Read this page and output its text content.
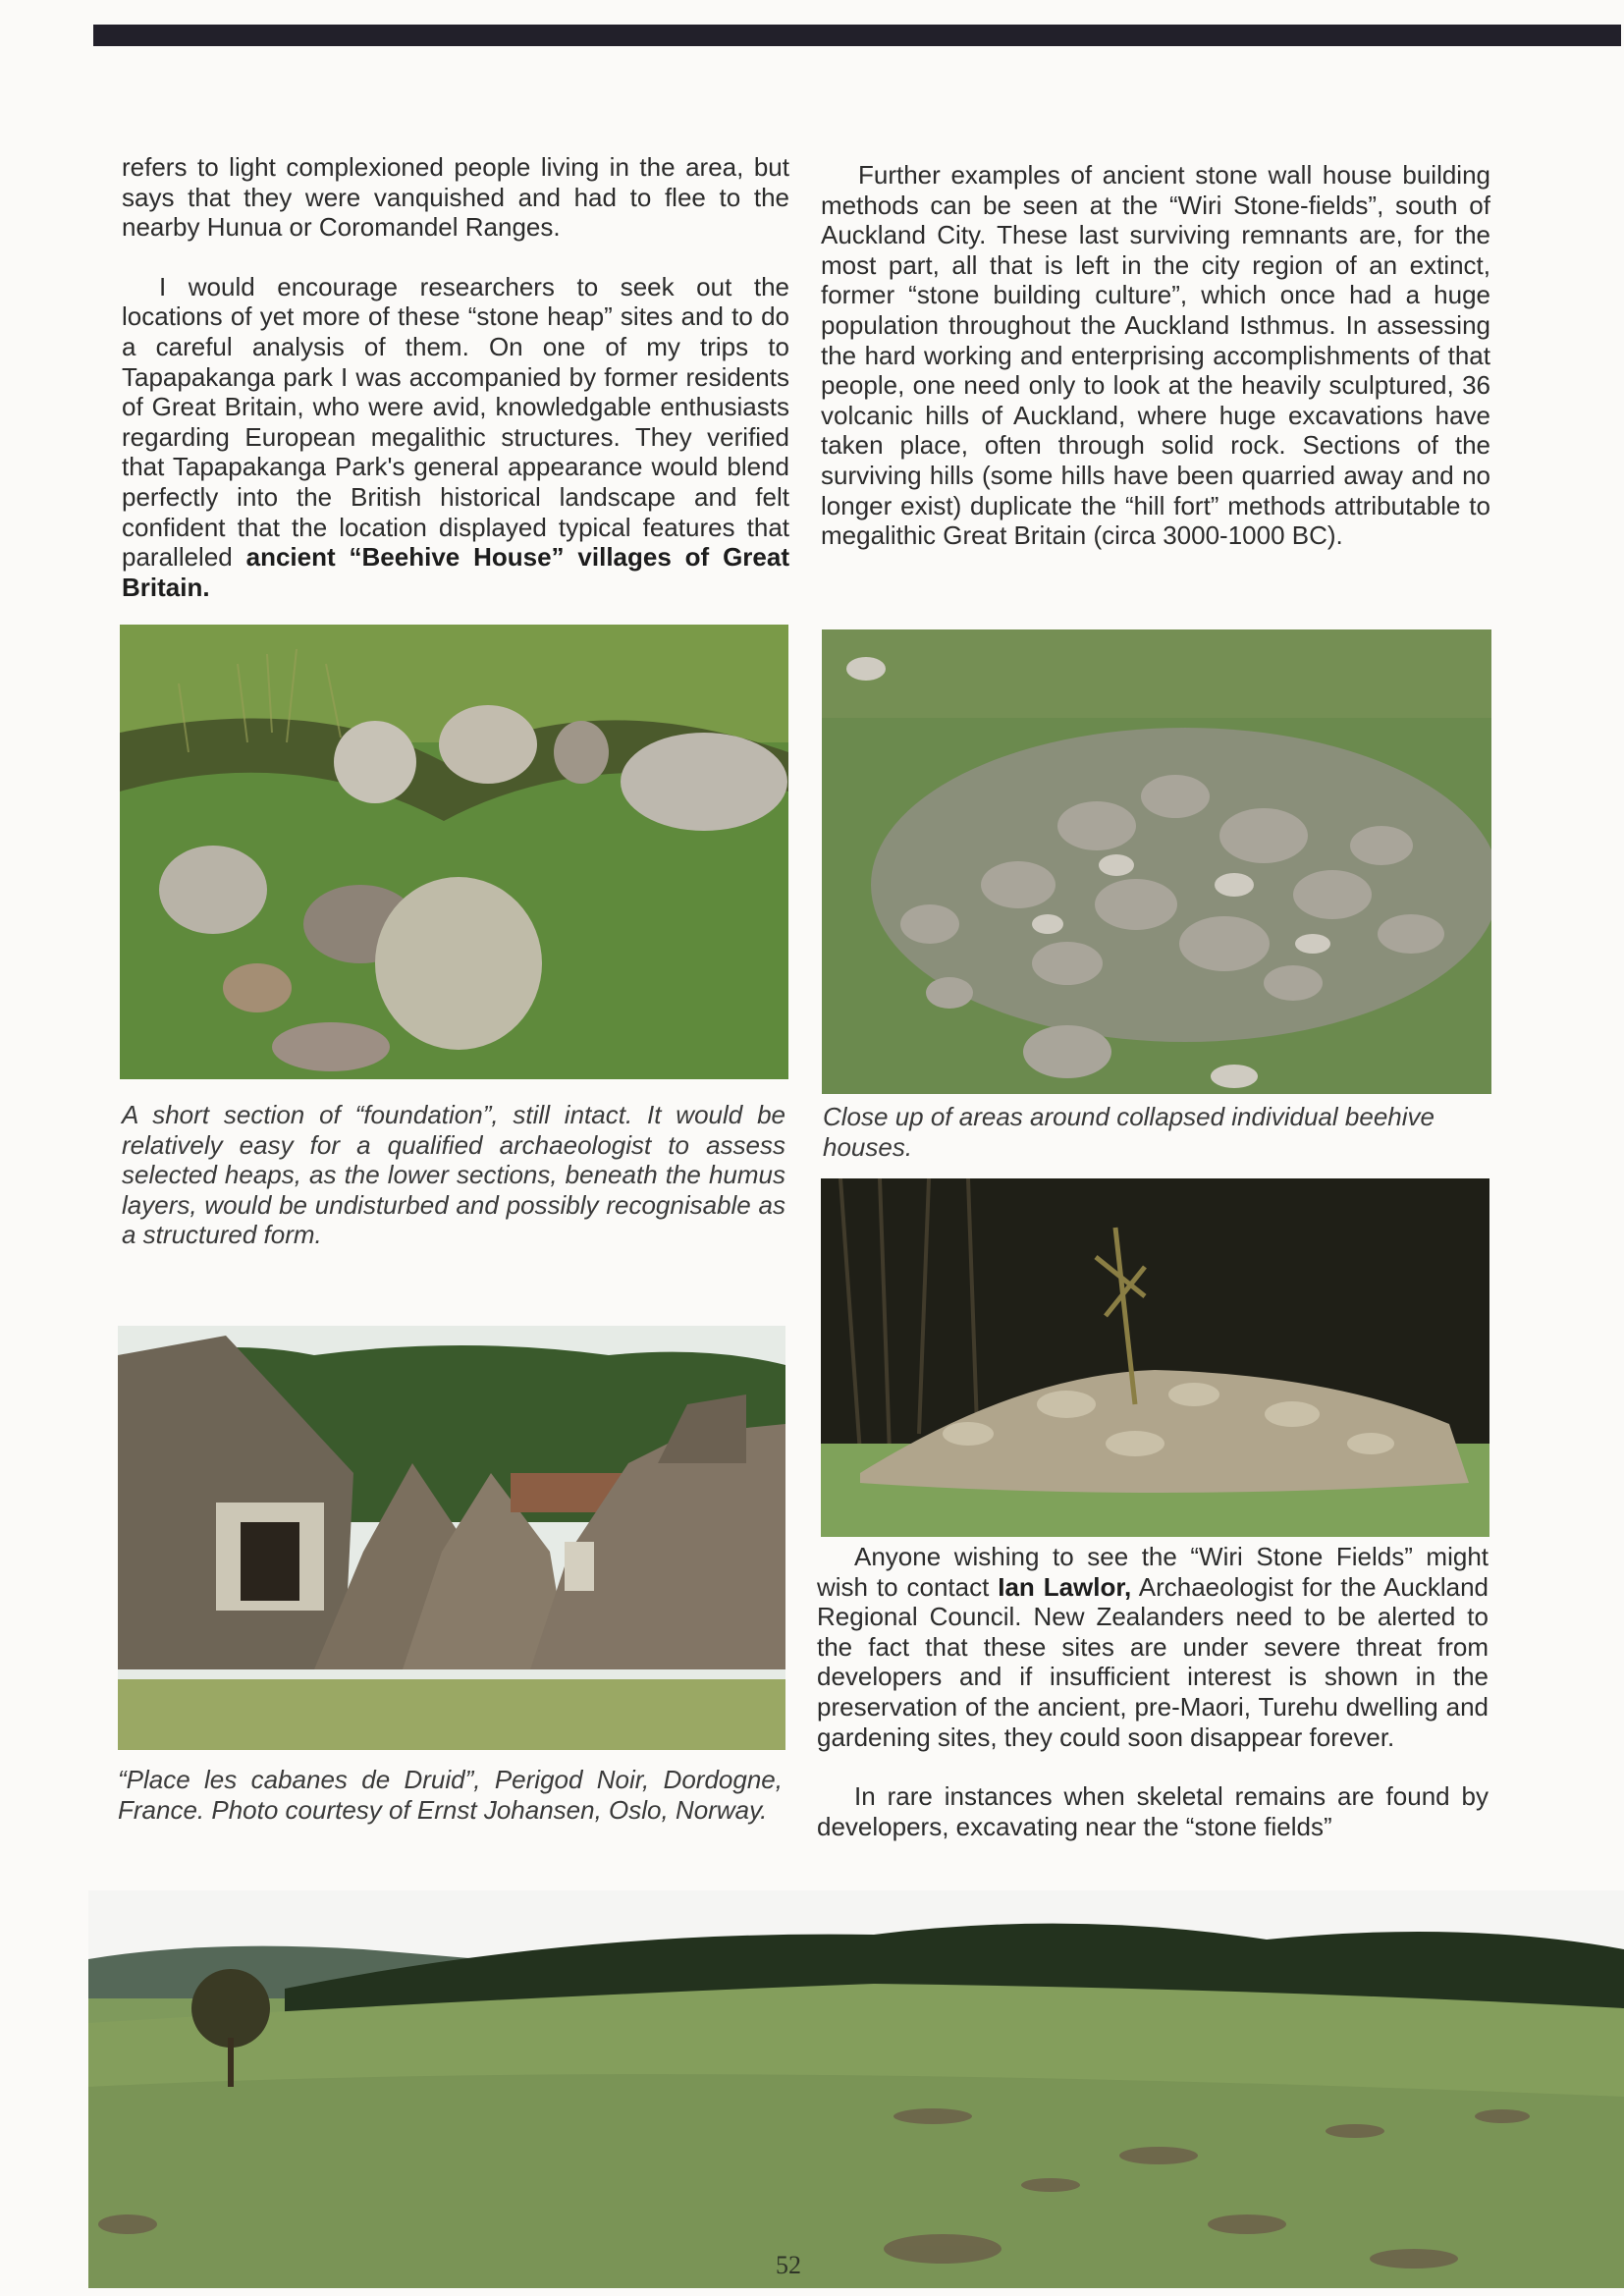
refers to light complexioned people living in the area, but says that they were vanquished and had to flee to the nearby Hunua or Coromandel Ranges.

I would encourage researchers to seek out the locations of yet more of these “stone heap” sites and to do a careful analysis of them. On one of my trips to Tapapakanga park I was accompanied by former residents of Great Britain, who were avid, knowledgable enthusiasts regarding European megalithic structures. They verified that Tapapakanga Park's general appearance would blend perfectly into the British historical landscape and felt confident that the location displayed typical features that paralleled ancient “Beehive House” villages of Great Britain.

Further examples of ancient stone wall house building methods can be seen at the “Wiri Stone-fields”, south of Auckland City. These last surviving remnants are, for the most part, all that is left in the city region of an extinct, former “stone building culture”, which once had a huge population throughout the Auckland Isthmus. In assessing the hard working and enterprising accomplishments of that people, one need only to look at the heavily sculptured, 36 volcanic hills of Auckland, where huge excavations have taken place, often through solid rock. Sections of the surviving hills (some hills have been quarried away and no longer exist) duplicate the “hill fort” methods attributable to megalithic Great Britain (circa 3000-1000 BC).

A short section of “foundation”, still intact. It would be relatively easy for a qualified archaeologist to assess selected heaps, as the lower sections, beneath the humus layers, would be undisturbed and possibly recognisable as a structured form.
Close up of areas around collapsed individual beehive houses.

Anyone wishing to see the “Wiri Stone Fields” might wish to contact Ian Lawlor, Archaeologist for the Auckland Regional Council. New Zealanders need to be alerted to the fact that these sites are under severe threat from developers and if insufficient interest is shown in the preservation of the ancient, pre-Maori, Turehu dwelling and gardening sites, they could soon disappear forever.

In rare instances when skeletal remains are found by developers, excavating near the “stone fields”

“Place les cabanes de Druid”, Perigod Noir, Dordogne, France. Photo courtesy of Ernst Johansen, Oslo, Norway.
52
